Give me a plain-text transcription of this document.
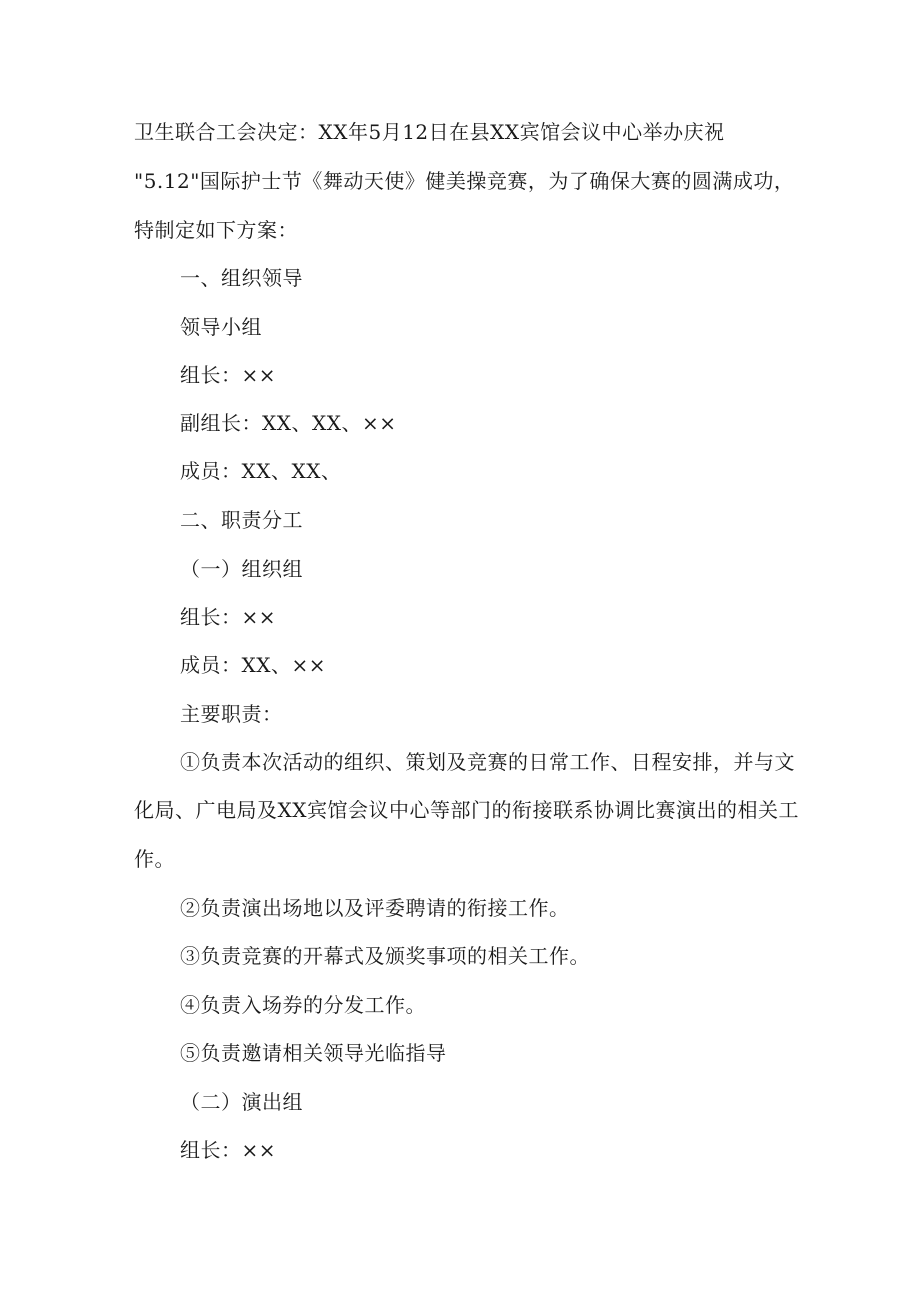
卫生联合工会决定：XX年5月12日在县XX宾馆会议中心举办庆祝
"5.12"国际护士节《舞动天使》健美操竞赛，为了确保大赛的圆满成功，
特制定如下方案：
一、组织领导
领导小组
组长：××
副组长：XX、XX、××
成员：XX、XX、
二、职责分工
（一）组织组
组长：××
成员：XX、××
主要职责：
①负责本次活动的组织、策划及竞赛的日常工作、日程安排，并与文
化局、广电局及XX宾馆会议中心等部门的衔接联系协调比赛演出的相关工
作。
②负责演出场地以及评委聘请的衔接工作。
③负责竞赛的开幕式及颁奖事项的相关工作。
④负责入场券的分发工作。
⑤负责邀请相关领导光临指导
（二）演出组
组长：××
